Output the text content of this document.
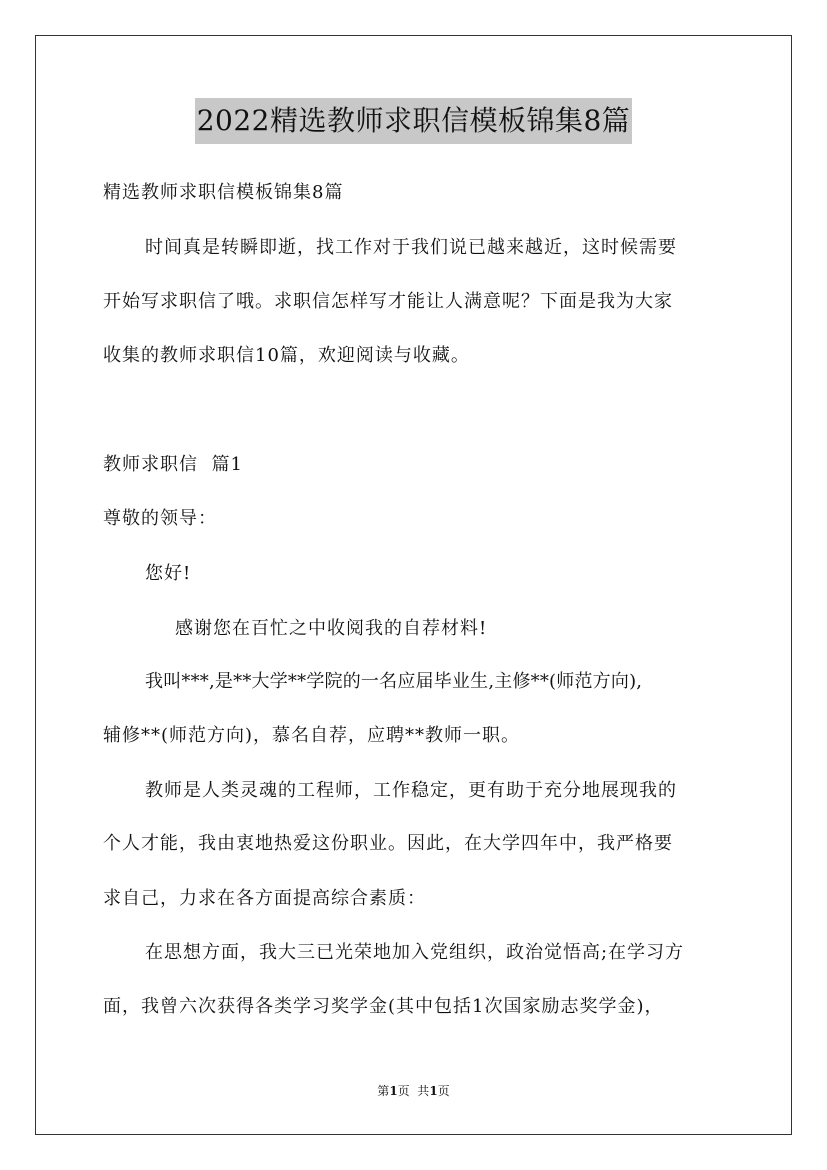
2022精选教师求职信模板锦集8篇
精选教师求职信模板锦集8篇
时间真是转瞬即逝，找工作对于我们说已越来越近，这时候需要
开始写求职信了哦。求职信怎样写才能让人满意呢？下面是我为大家
收集的教师求职信10篇，欢迎阅读与收藏。
教师求职信  篇1
尊敬的领导：
您好!
感谢您在百忙之中收阅我的自荐材料!
我叫***,是**大学**学院的一名应届毕业生,主修**(师范方向),
辅修**(师范方向)，慕名自荐，应聘**教师一职。
教师是人类灵魂的工程师，工作稳定，更有助于充分地展现我的
个人才能，我由衷地热爱这份职业。因此，在大学四年中，我严格要
求自己，力求在各方面提高综合素质：
在思想方面，我大三已光荣地加入党组织，政治觉悟高;在学习方
面，我曾六次获得各类学习奖学金(其中包括1次国家励志奖学金)，
第1页  共1页
